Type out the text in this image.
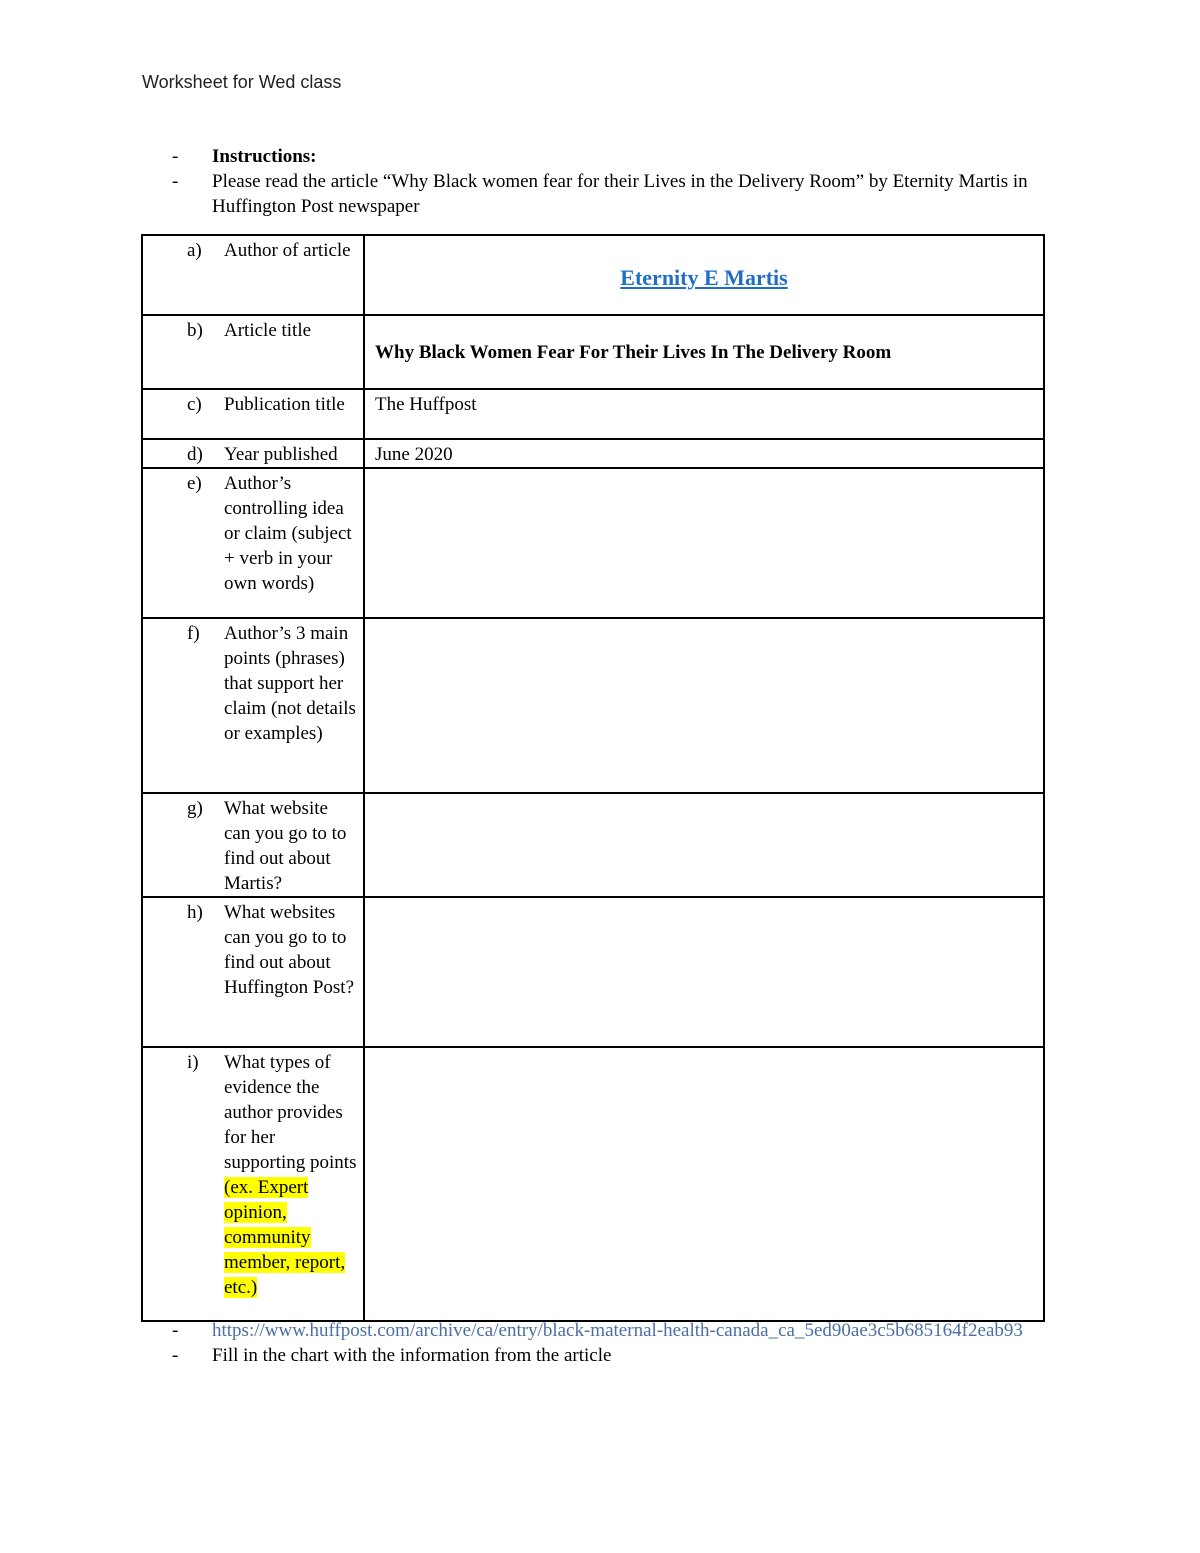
Worksheet for Wed class
- Instructions:
- Please read the article “Why Black women fear for their Lives in the Delivery Room” by Eternity Martis in Huffington Post newspaper
a) Author of article	Eternity E Martis

b) Article title	Why Black Women Fear For Their Lives In The Delivery Room

c) Publication title	The Huffpost

d) Year published	June 2020

e) Author’s controlling idea or claim (subject + verb in your own words)	

f) Author’s 3 main points (phrases) that support her claim (not details or examples)	

g) What website can you go to to find out about Martis?	

h) What websites can you go to to find out about Huffington Post?	

i) What types of evidence the author provides for her supporting points (ex. Expert opinion, community member, report, etc.)	

- https://www.huffpost.com/archive/ca/entry/black-maternal-health-canada_ca_5ed90ae3c5b685164f2eab93
- Fill in the chart with the information from the article
